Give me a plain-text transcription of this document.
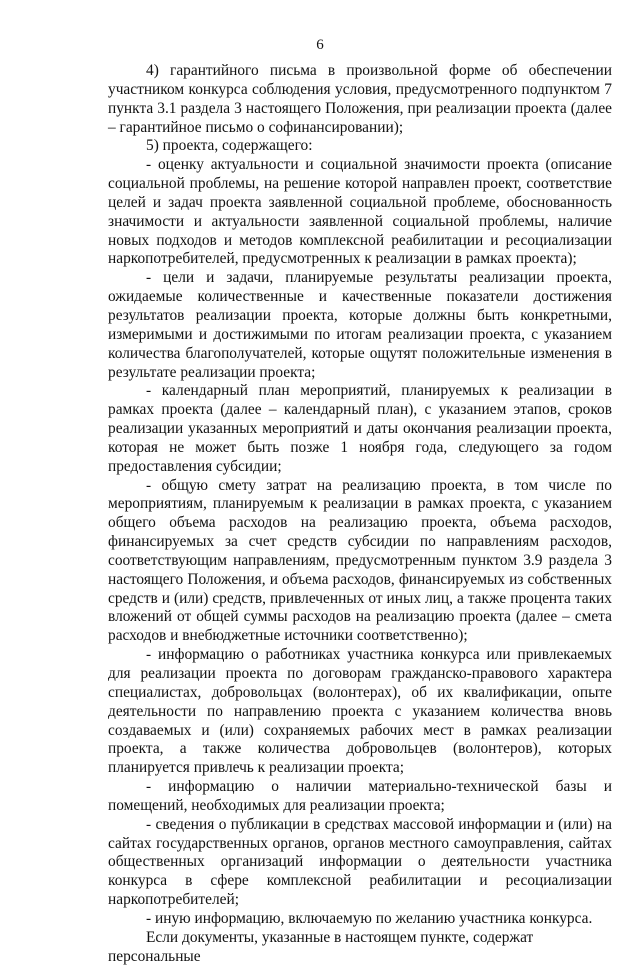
6

4) гарантийного письма в произвольной форме об обеспечении участником конкурса соблюдения условия, предусмотренного подпунктом 7 пункта 3.1 раздела 3 настоящего Положения, при реализации проекта (далее – гарантийное письмо о софинансировании);

5) проекта, содержащего:

- оценку актуальности и социальной значимости проекта (описание социальной проблемы, на решение которой направлен проект, соответствие целей и задач проекта заявленной социальной проблеме, обоснованность значимости и актуальности заявленной социальной проблемы, наличие новых подходов и методов комплексной реабилитации и ресоциализации наркопотребителей, предусмотренных к реализации в рамках проекта);

- цели и задачи, планируемые результаты реализации проекта, ожидаемые количественные и качественные показатели достижения результатов реализации проекта, которые должны быть конкретными, измеримыми и достижимыми по итогам реализации проекта, с указанием количества благополучателей, которые ощутят положительные изменения в результате реализации проекта;

- календарный план мероприятий, планируемых к реализации в рамках проекта (далее – календарный план), с указанием этапов, сроков реализации указанных мероприятий и даты окончания реализации проекта, которая не может быть позже 1 ноября года, следующего за годом предоставления субсидии;

- общую смету затрат на реализацию проекта, в том числе по мероприятиям, планируемым к реализации в рамках проекта, с указанием общего объема расходов на реализацию проекта, объема расходов, финансируемых за счет средств субсидии по направлениям расходов, соответствующим направлениям, предусмотренным пунктом 3.9 раздела 3 настоящего Положения, и объема расходов, финансируемых из собственных средств и (или) средств, привлеченных от иных лиц, а также процента таких вложений от общей суммы расходов на реализацию проекта (далее – смета расходов и внебюджетные источники соответственно);

- информацию о работниках участника конкурса или привлекаемых для реализации проекта по договорам гражданско-правового характера специалистах, добровольцах (волонтерах), об их квалификации, опыте деятельности по направлению проекта с указанием количества вновь создаваемых и (или) сохраняемых рабочих мест в рамках реализации проекта, а также количества добровольцев (волонтеров), которых планируется привлечь к реализации проекта;

- информацию о наличии материально-технической базы и помещений, необходимых для реализации проекта;

- сведения о публикации в средствах массовой информации и (или) на сайтах государственных органов, органов местного самоуправления, сайтах общественных организаций информации о деятельности участника конкурса в сфере комплексной реабилитации и ресоциализации наркопотребителей;

- иную информацию, включаемую по желанию участника конкурса.

Если документы, указанные в настоящем пункте, содержат персональные
